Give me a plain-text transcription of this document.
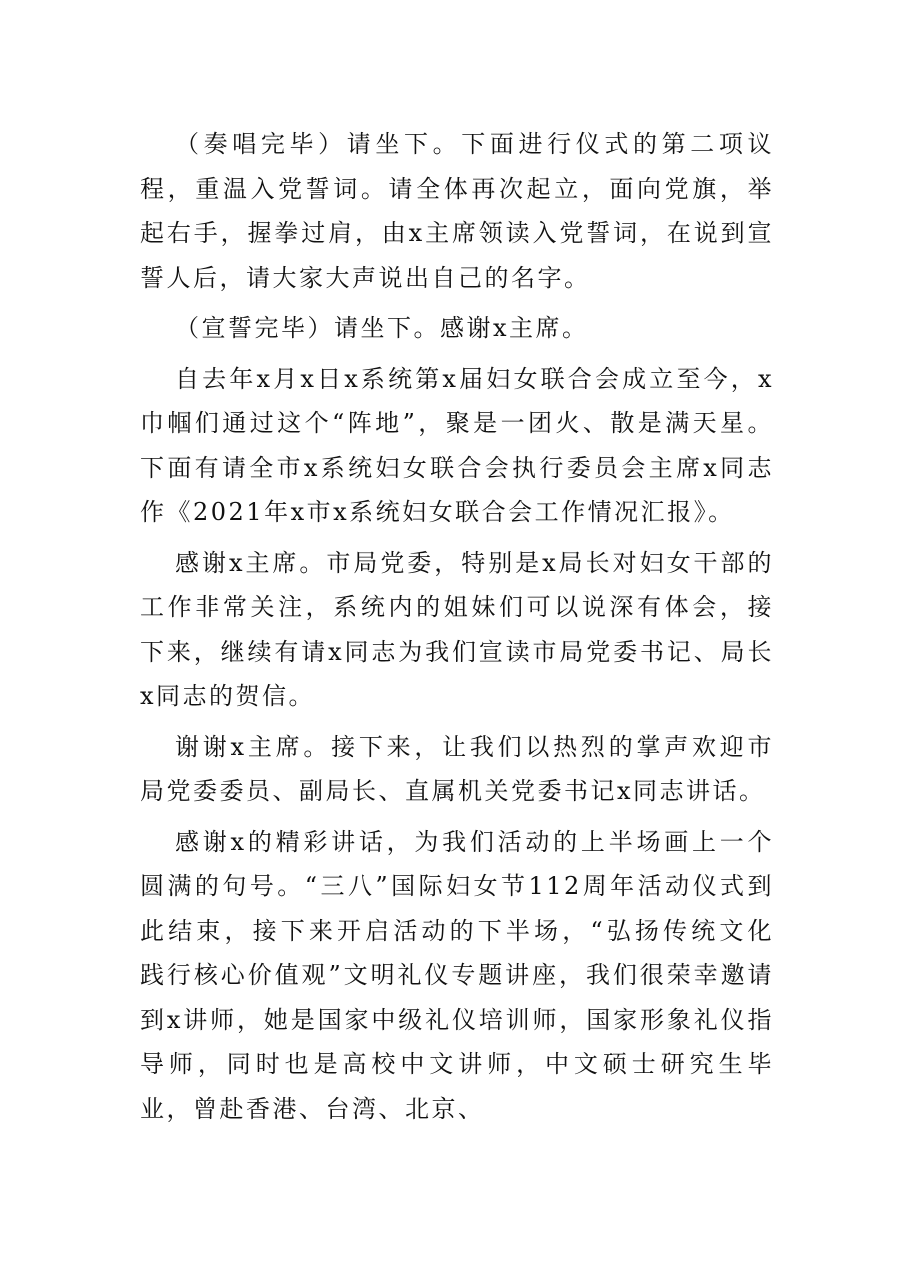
（奏唱完毕）请坐下。下面进行仪式的第二项议程，重温入党誓词。请全体再次起立，面向党旗，举起右手，握拳过肩，由x主席领读入党誓词，在说到宣誓人后，请大家大声说出自己的名字。

（宣誓完毕）请坐下。感谢x主席。

自去年x月x日x系统第x届妇女联合会成立至今，x巾帼们通过这个“阵地”，聚是一团火、散是满天星。下面有请全市x系统妇女联合会执行委员会主席x同志作《2021年x市x系统妇女联合会工作情况汇报》。

感谢x主席。市局党委，特别是x局长对妇女干部的工作非常关注，系统内的姐妹们可以说深有体会，接下来，继续有请x同志为我们宣读市局党委书记、局长x同志的贺信。

谢谢x主席。接下来，让我们以热烈的掌声欢迎市局党委委员、副局长、直属机关党委书记x同志讲话。

感谢x的精彩讲话，为我们活动的上半场画上一个圆满的句号。“三八”国际妇女节112周年活动仪式到此结束，接下来开启活动的下半场，“弘扬传统文化 践行核心价值观”文明礼仪专题讲座，我们很荣幸邀请到x讲师，她是国家中级礼仪培训师，国家形象礼仪指导师，同时也是高校中文讲师，中文硕士研究生毕业，曾赴香港、台湾、北京、
